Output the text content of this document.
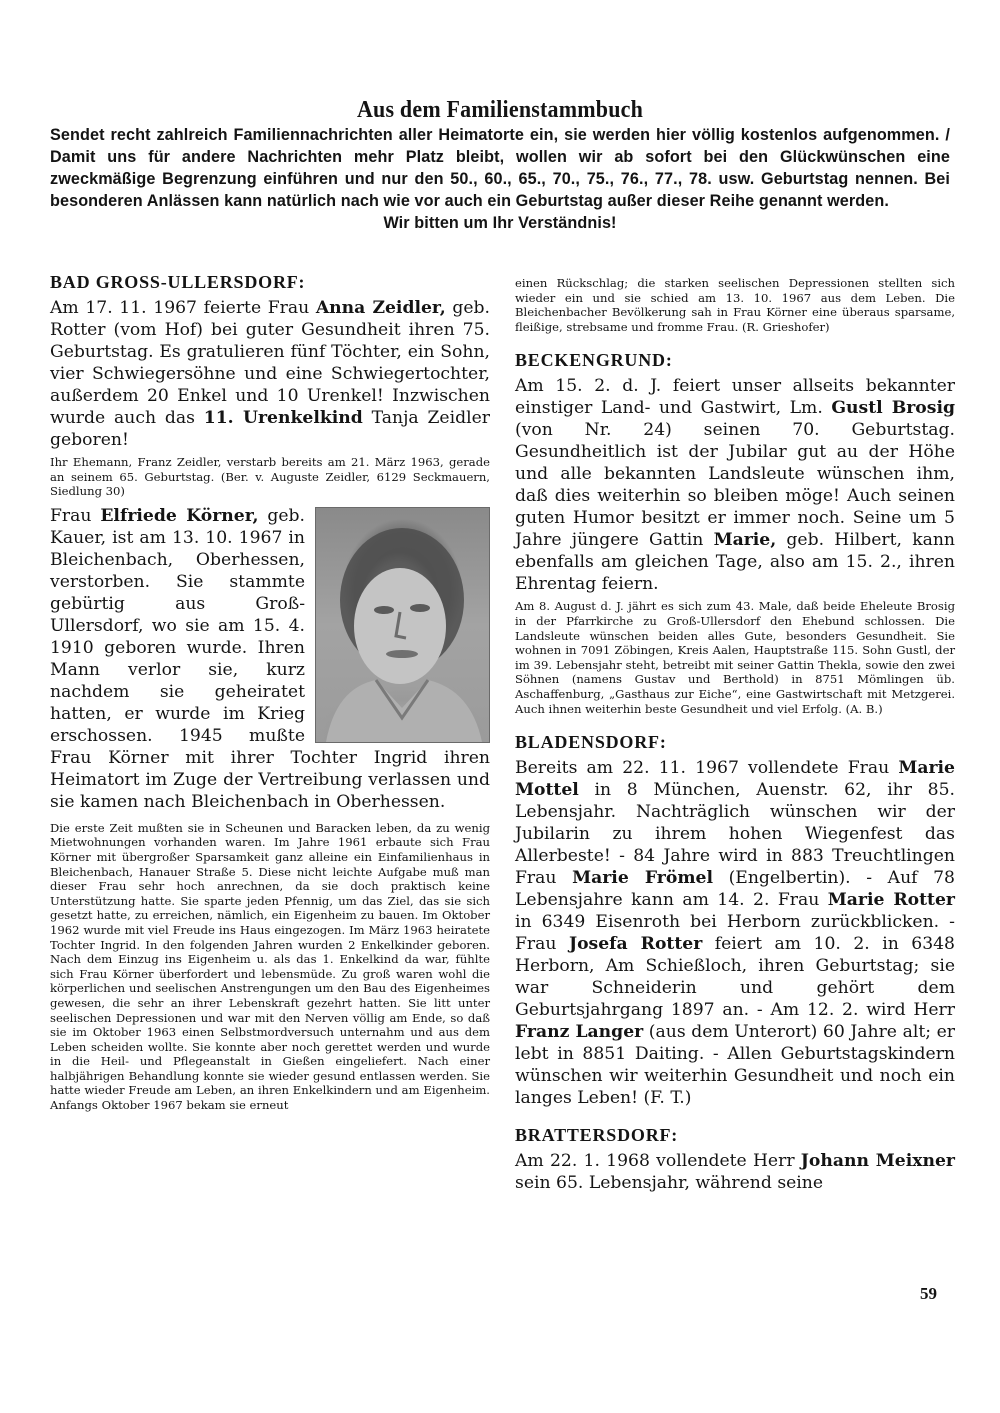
Aus dem Familienstammbuch
Sendet recht zahlreich Familiennachrichten aller Heimatorte ein, sie werden hier völlig kostenlos aufgenommen. / Damit uns für andere Nachrichten mehr Platz bleibt, wollen wir ab sofort bei den Glückwünschen eine zweckmäßige Begrenzung einführen und nur den 50., 60., 65., 70., 75., 76., 77., 78. usw. Geburtstag nennen. Bei besonderen Anlässen kann natürlich nach wie vor auch ein Geburtstag außer dieser Reihe genannt werden.
Wir bitten um Ihr Verständnis!
BAD GROSS-ULLERSDORF:

Am 17. 11. 1967 feierte Frau Anna Zeidler, geb. Rotter (vom Hof) bei guter Gesundheit ihren 75. Geburtstag. Es gratulieren fünf Töchter, ein Sohn, vier Schwiegersöhne und eine Schwiegertochter, außerdem 20 Enkel und 10 Urenkel! Inzwischen wurde auch das 11. Urenkelkind Tanja Zeidler geboren!

Ihr Ehemann, Franz Zeidler, verstarb bereits am 21. März 1963, gerade an seinem 65. Geburtstag. (Ber. v. Auguste Zeidler, 6129 Seckmauern, Siedlung 30)

Frau Elfriede Körner, geb. Kauer, ist am 13. 10. 1967 in Bleichenbach, Oberhessen, verstorben. Sie stammte gebürtig aus Groß-Ullersdorf, wo sie am 15. 4. 1910 geboren wurde. Ihren Mann verlor sie, kurz nachdem sie geheiratet hatten, er wurde im Krieg erschossen. 1945 mußte Frau Körner mit ihrer Tochter Ingrid ihren Heimatort im Zuge der Vertreibung verlassen und sie kamen nach Bleichenbach in Oberhessen.

Die erste Zeit mußten sie in Scheunen und Baracken leben, da zu wenig Mietwohnungen vorhanden waren. Im Jahre 1961 erbaute sich Frau Körner mit übergroßer Sparsamkeit ganz alleine ein Einfamilienhaus in Bleichenbach, Hanauer Straße 5. Diese nicht leichte Aufgabe muß man dieser Frau sehr hoch anrechnen, da sie doch praktisch keine Unterstützung hatte. Sie sparte jeden Pfennig, um das Ziel, das sie sich gesetzt hatte, zu erreichen, nämlich, ein Eigenheim zu bauen. Im Oktober 1962 wurde mit viel Freude ins Haus eingezogen. Im März 1963 heiratete Tochter Ingrid. In den folgenden Jahren wurden 2 Enkelkinder geboren. Nach dem Einzug ins Eigenheim u. als das 1. Enkelkind da war, fühlte sich Frau Körner überfordert und lebensmüde. Zu groß waren wohl die körperlichen und seelischen Anstrengungen um den Bau des Eigenheimes gewesen, die sehr an ihrer Lebenskraft gezehrt hatten. Sie litt unter seelischen Depressionen und war mit den Nerven völlig am Ende, so daß sie im Oktober 1963 einen Selbstmordversuch unternahm und aus dem Leben scheiden wollte. Sie konnte aber noch gerettet werden und wurde in die Heil- und Pflegeanstalt in Gießen eingeliefert. Nach einer halbjährigen Behandlung konnte sie wieder gesund entlassen werden. Sie hatte wieder Freude am Leben, an ihren Enkelkindern und am Eigenheim. Anfangs Oktober 1967 bekam sie erneut

einen Rückschlag; die starken seelischen Depressionen stellten sich wieder ein und sie schied am 13. 10. 1967 aus dem Leben. Die Bleichenbacher Bevölkerung sah in Frau Körner eine überaus sparsame, fleißige, strebsame und fromme Frau. (R. Grieshofer)

BECKENGRUND:

Am 15. 2. d. J. feiert unser allseits bekannter einstiger Land- und Gastwirt, Lm. Gustl Brosig (von Nr. 24) seinen 70. Geburtstag. Gesundheitlich ist der Jubilar gut au der Höhe und alle bekannten Landsleute wünschen ihm, daß dies weiterhin so bleiben möge! Auch seinen guten Humor besitzt er immer noch. Seine um 5 Jahre jüngere Gattin Marie, geb. Hilbert, kann ebenfalls am gleichen Tage, also am 15. 2., ihren Ehrentag feiern.

Am 8. August d. J. jährt es sich zum 43. Male, daß beide Eheleute Brosig in der Pfarrkirche zu Groß-Ullersdorf den Ehebund schlossen. Die Landsleute wünschen beiden alles Gute, besonders Gesundheit. Sie wohnen in 7091 Zöbingen, Kreis Aalen, Hauptstraße 115. Sohn Gustl, der im 39. Lebensjahr steht, betreibt mit seiner Gattin Thekla, sowie den zwei Söhnen (namens Gustav und Berthold) in 8751 Mömlingen üb. Aschaffenburg, „Gasthaus zur Eiche“, eine Gastwirtschaft mit Metzgerei. Auch ihnen weiterhin beste Gesundheit und viel Erfolg. (A. B.)

BLADENSDORF:

Bereits am 22. 11. 1967 vollendete Frau Marie Mottel in 8 München, Auenstr. 62, ihr 85. Lebensjahr. Nachträglich wünschen wir der Jubilarin zu ihrem hohen Wiegenfest das Allerbeste! - 84 Jahre wird in 883 Treuchtlingen Frau Marie Frömel (Engelbertin). - Auf 78 Lebensjahre kann am 14. 2. Frau Marie Rotter in 6349 Eisenroth bei Herborn zurückblicken. - Frau Josefa Rotter feiert am 10. 2. in 6348 Herborn, Am Schießloch, ihren Geburtstag; sie war Schneiderin und gehört dem Geburtsjahrgang 1897 an. - Am 12. 2. wird Herr Franz Langer (aus dem Unterort) 60 Jahre alt; er lebt in 8851 Daiting. - Allen Geburtstagskindern wünschen wir weiterhin Gesundheit und noch ein langes Leben! (F. T.)

BRATTERSDORF:

Am 22. 1. 1968 vollendete Herr Johann Meixner sein 65. Lebensjahr, während seine

59
